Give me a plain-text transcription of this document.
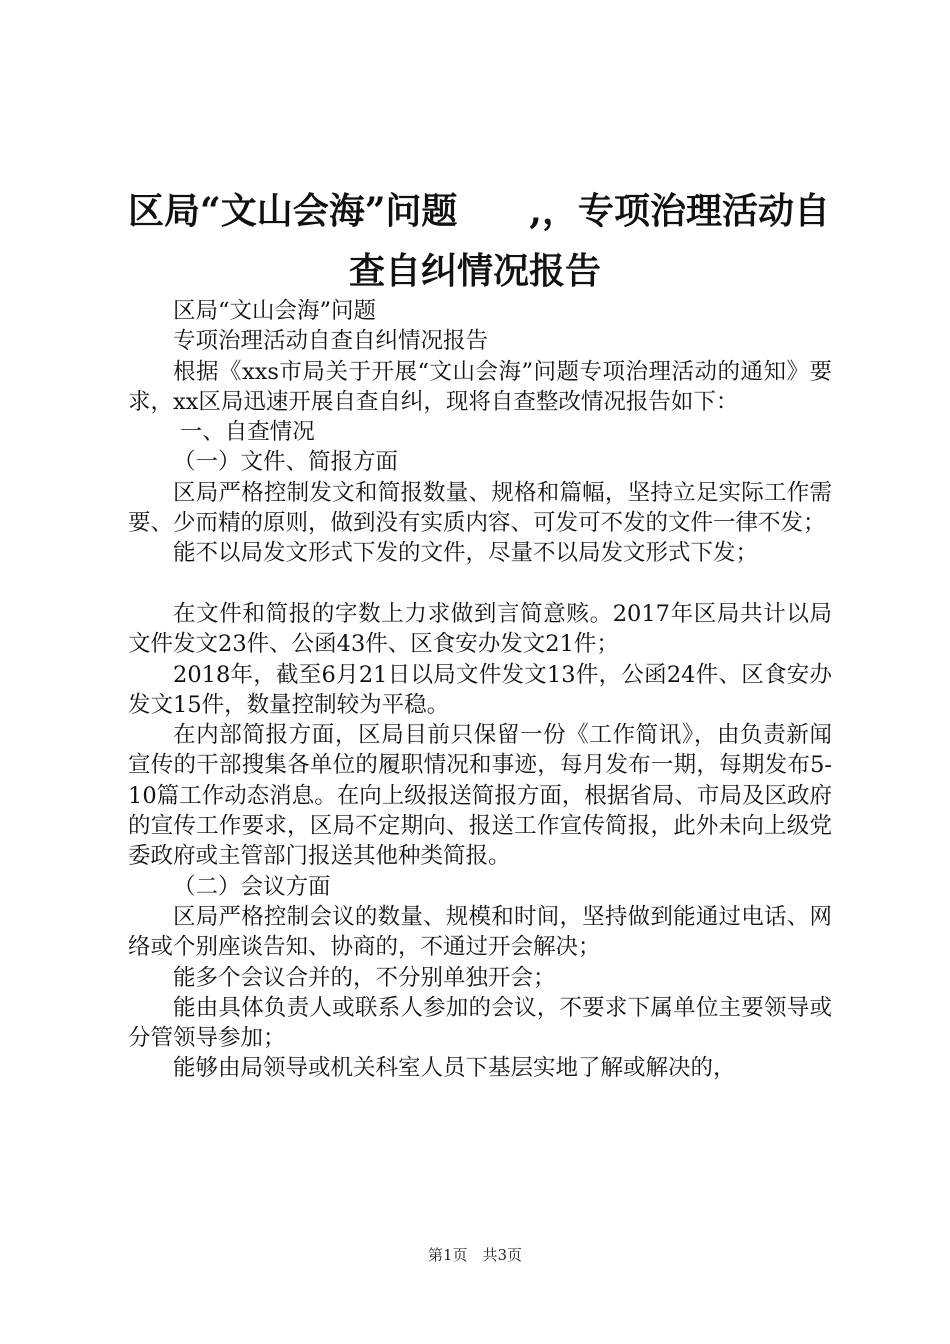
区局“文山会海”问题　　,，专项治理活动自
查自纠情况报告

区局“文山会海”问题

专项治理活动自查自纠情况报告

根据《xxs市局关于开展“文山会海”问题专项治理活动的通知》要求，xx区局迅速开展自查自纠，现将自查整改情况报告如下：

一、自查情况

（一）文件、简报方面

区局严格控制发文和简报数量、规格和篇幅，坚持立足实际工作需要、少而精的原则，做到没有实质内容、可发可不发的文件一律不发；

能不以局发文形式下发的文件，尽量不以局发文形式下发；

在文件和简报的字数上力求做到言简意赅。2017年区局共计以局文件发文23件、公函43件、区食安办发文21件；

2018年，截至6月21日以局文件发文13件，公函24件、区食安办发文15件，数量控制较为平稳。

在内部简报方面，区局目前只保留一份《工作简讯》，由负责新闻宣传的干部搜集各单位的履职情况和事迹，每月发布一期，每期发布5-10篇工作动态消息。在向上级报送简报方面，根据省局、市局及区政府的宣传工作要求，区局不定期向、报送工作宣传简报，此外未向上级党委政府或主管部门报送其他种类简报。

（二）会议方面

区局严格控制会议的数量、规模和时间，坚持做到能通过电话、网络或个别座谈告知、协商的，不通过开会解决；

能多个会议合并的，不分别单独开会；

能由具体负责人或联系人参加的会议，不要求下属单位主要领导或分管领导参加；

能够由局领导或机关科室人员下基层实地了解或解决的，

第1页　共3页
